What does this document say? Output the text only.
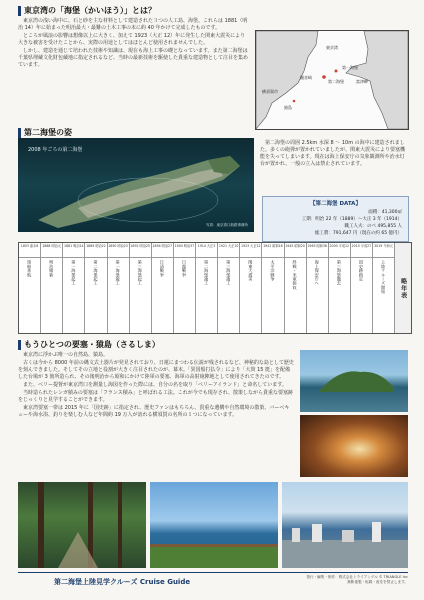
東京湾の「海堡（かいほう）」とは？

東京湾の浅い海中に、石と砂を主な材料として建造された３つの人工島、海堡。これらは 1881（明治 14）年に始まった明治最大・最難の土木工事の末に約 40 年かけて完成したものです。

ところが風浪の影響は想像以上に大きく、加えて 1923（大正 12）年に発生した関東大震災により大きな被害を受けたことから、実際の用途としてはほとんど使用されませんでした。

しかし、建造を通じて培われた技術や知識は、現在も海上工事の礎となっています。また第二海堡は千葉県埋蔵文化財包蔵地に指定されるなど、当時の最新技術を駆使した貴重な建造物として注目を集めています。	第一海堡
第二海堡	富津岬
観音崎
横須賀市
猿島
東京湾
第二海堡の姿
2008 年ごろの第二海堡
写真：東京湾口航路事務所

第二海堡の周囲 2.5km 水深 8 〜 10m の海中に建造されました。多くの砲弾が置かれていましたが、関東大震災により要塞機能を失ってしまいます。現在は海上保安庁の気象観測所や治水灯台が置かれ、一般の立入は禁止されています。

【第二海堡 DATA】
面積：41,300㎡
工期：明治 22 年（1889）〜大正 3 年（1914）
職工人夫：のべ 495,855 人
総工費：791,647 円（現在の約 65 億円）
1853 嘉永6
黒船来航
1868 明治元
明治維新
1881 明治14
第一海堡起工
1889 明治22
第二海堡起工
1890 明治23
第一海堡竣工
1892 明治25
第三海堡起工
1894 明治27
日清戦争
1904 明治37
日露戦争
1914 大正3
第二海堡竣工
1921 大正10
第三海堡竣工
1923 大正12
関東大震災
1941 昭和16
太平洋戦争
1945 昭和20
終戦・米軍接収
1963 昭和38
海上保安庁へ
2000 平成12
第三海堡撤去
2015 平成27
国史跡指定
2019 令和元
上陸クルーズ開始 略年表
もうひとつの要塞・猿島（さるしま）

東京湾に浮かぶ唯一の自然島、猿島。

古くは今から 8000 年前の縄文式土器片が発見されており、日蓮にまつわる伝説が残されるなど、神秘的な島として歴史を刻んできました。そしてその立地と役割が大きく注目されたのが、幕末。「異国船打払令」により「大筒 15 挺」を配備した台場が 3 箇所造られ、その後明治から昭和にかけて陸軍の要塞、海軍の高射砲陣地として使用されてきたのです。

また、ペリー提督が東京湾口を測量し海図を作った際には、自分の名を取り「ペリーアイランド」と命名しています。

当時造られたレンガ積みの要塞は「フランス積み」と呼ばれる工法。これが今でも現存され、散策しながら貴重な要塞跡をじっくりと見学することができます。

東京湾要塞一帯は 2015 年に「国史跡」に指定され、歴史ファンはもちろん、貴重な遺構や自然環境の散策、バーベキューや海水浴、釣りを楽しむ人など年間約 19 万人が訪れる横須賀の名所の１つになっています。

第二海堡上陸見学クルーズ Cruise Guide
発行・編集・制作：株式会社トライアングル © TRIANGLE Inc
無断複製・転載・改変を禁止します。
